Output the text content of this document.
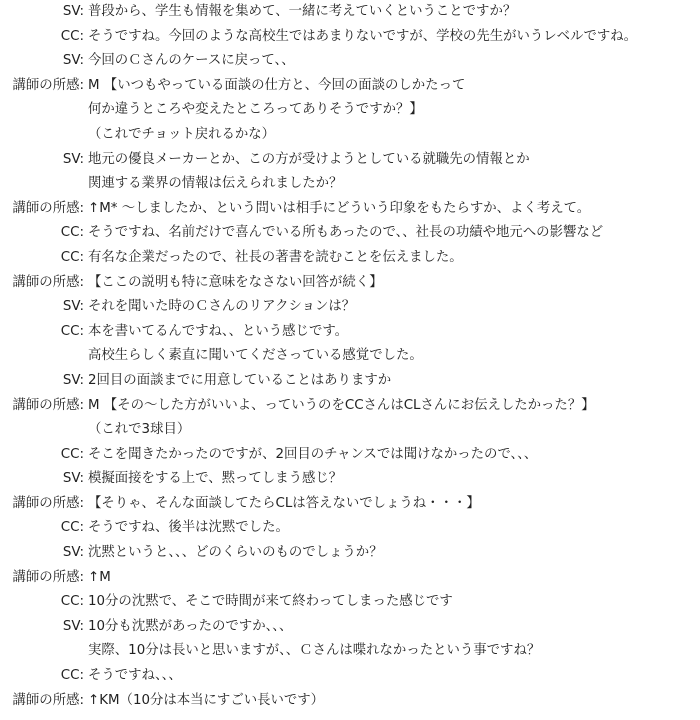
SV: 普段から、学生も情報を集めて、一緒に考えていくということですか？
CC: そうですね。今回のような高校生ではあまりないですが、学校の先生がいうレベルですね。
SV: 今回のＣさんのケースに戻って、、
講師の所感: M 【いつもやっている面談の仕方と、今回の面談のしかたって
何か違うところや変えたところってありそうですか？】
（これでチョット戻れるかな）
SV: 地元の優良メーカーとか、この方が受けようとしている就職先の情報とか
関連する業界の情報は伝えられましたか？
講師の所感: ↑M* ～しましたか、という問いは相手にどういう印象をもたらすか、よく考えて。
CC: そうですね、名前だけで喜んでいる所もあったので、、社長の功績や地元への影響など
CC: 有名な企業だったので、社長の著書を読むことを伝えました。
講師の所感: 【ここの説明も特に意味をなさない回答が続く】
SV: それを聞いた時のＣさんのリアクションは？
CC: 本を書いてるんですね、、という感じです。
高校生らしく素直に聞いてくださっている感覚でした。
SV: 2回目の面談までに用意していることはありますか
講師の所感: M 【その～した方がいいよ、っていうのをCCさんはCLさんにお伝えしたかった？】
（これで3球目）
CC: そこを聞きたかったのですが、2回目のチャンスでは聞けなかったので、、、
SV: 模擬面接をする上で、黙ってしまう感じ？
講師の所感: 【そりゃ、そんな面談してたらCLは答えないでしょうね・・・】
CC: そうですね、後半は沈黙でした。
SV: 沈黙というと、、、どのくらいのものでしょうか？
講師の所感: ↑M
CC: 10分の沈黙で、そこで時間が来て終わってしまった感じです
SV: 10分も沈黙があったのですか、、、
実際、10分は長いと思いますが、、Ｃさんは喋れなかったという事ですね？
CC: そうですね、、、
講師の所感: ↑KM（10分は本当にすごい長いです）
